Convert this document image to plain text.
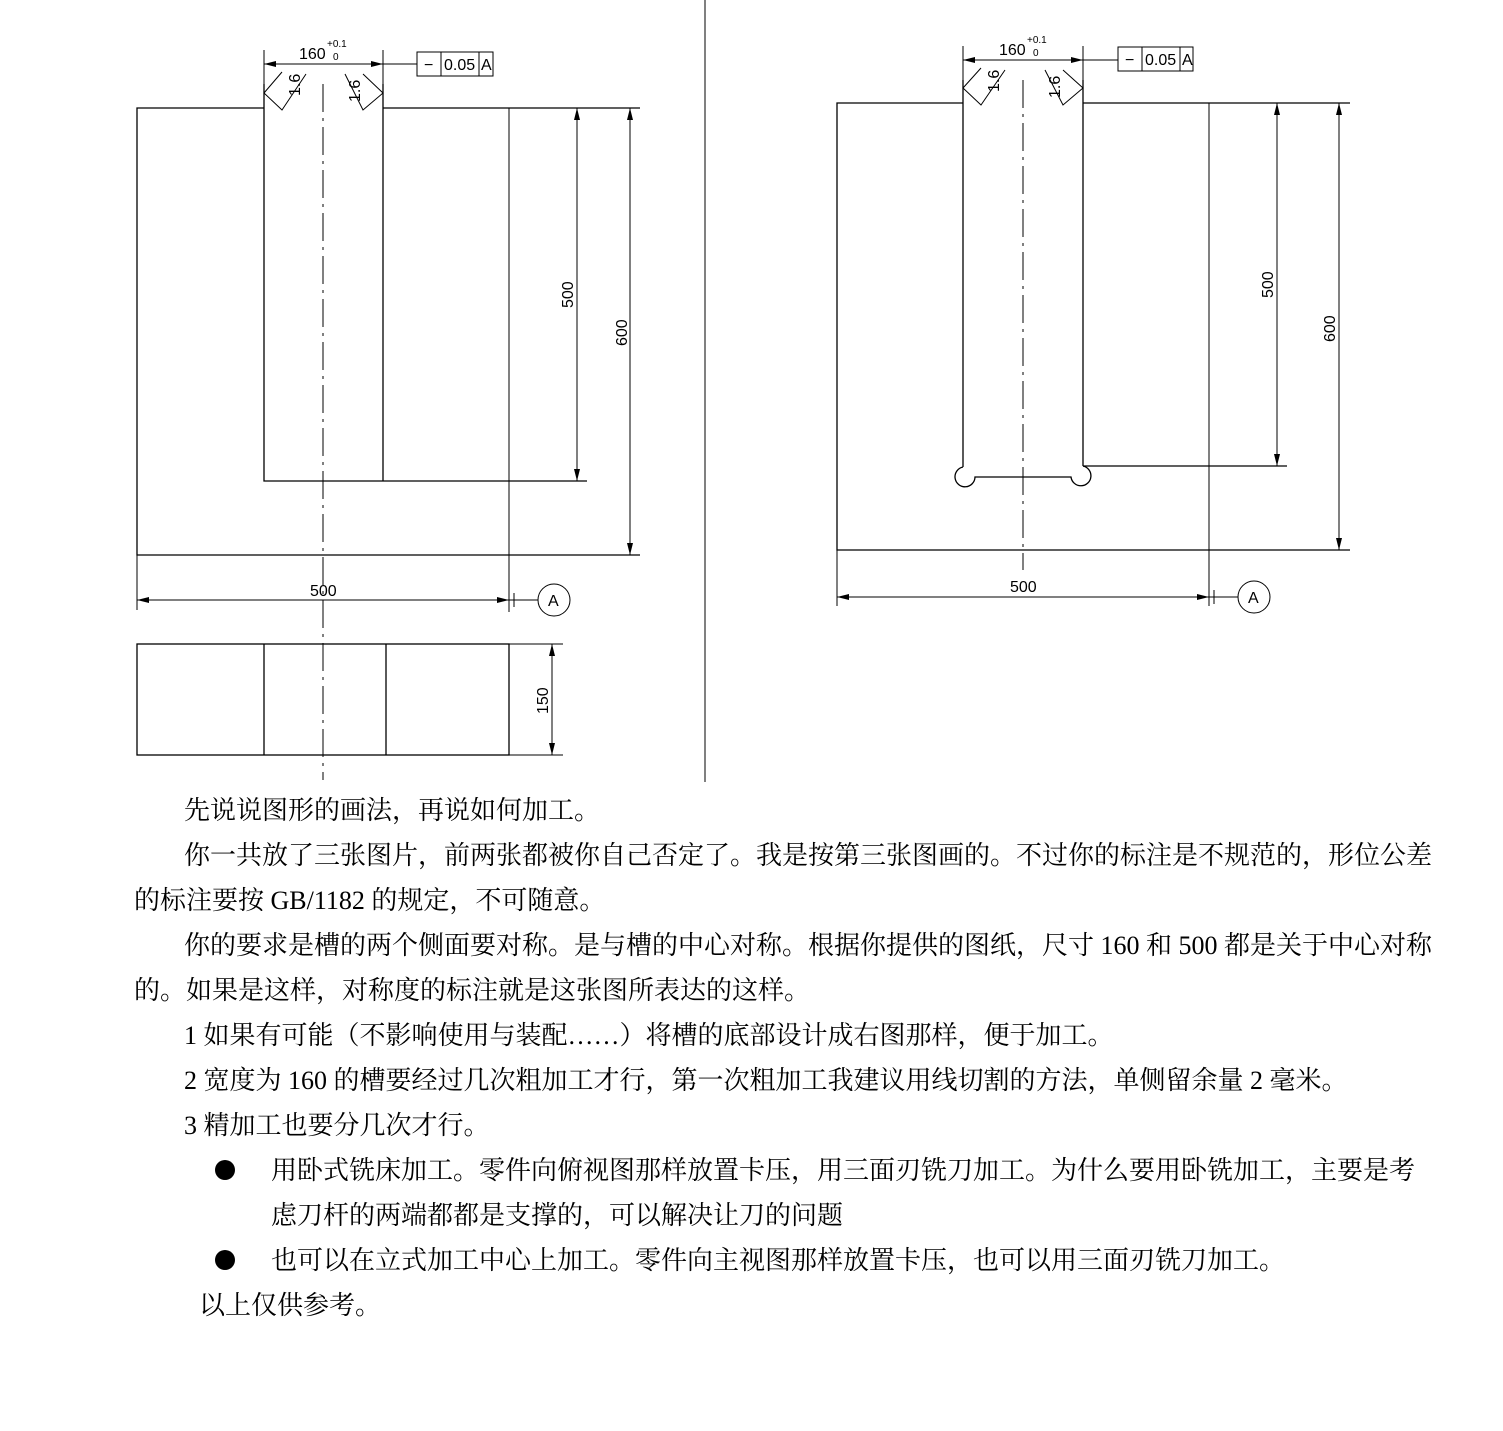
160
+0.1
0	− 0.05 A
1.6	1.6
500
600
500
A
150
160
+0.1
0	− 0.05 A
1.6	1.6
500
600
500
A

先说说图形的画法，再说如何加工。

你一共放了三张图片，前两张都被你自己否定了。我是按第三张图画的。不过你的标注是不规范的，形位公差的标注要按 GB/1182 的规定，不可随意。

你的要求是槽的两个侧面要对称。是与槽的中心对称。根据你提供的图纸，尺寸 160 和 500 都是关于中心对称的。如果是这样，对称度的标注就是这张图所表达的这样。

1 如果有可能（不影响使用与装配……）将槽的底部设计成右图那样，便于加工。

2 宽度为 160 的槽要经过几次粗加工才行，第一次粗加工我建议用线切割的方法，单侧留余量 2 毫米。

3 精加工也要分几次才行。

用卧式铣床加工。零件向俯视图那样放置卡压，用三面刃铣刀加工。为什么要用卧铣加工，主要是考虑刀杆的两端都都是支撑的，可以解决让刀的问题

也可以在立式加工中心上加工。零件向主视图那样放置卡压，也可以用三面刃铣刀加工。

以上仅供参考。
